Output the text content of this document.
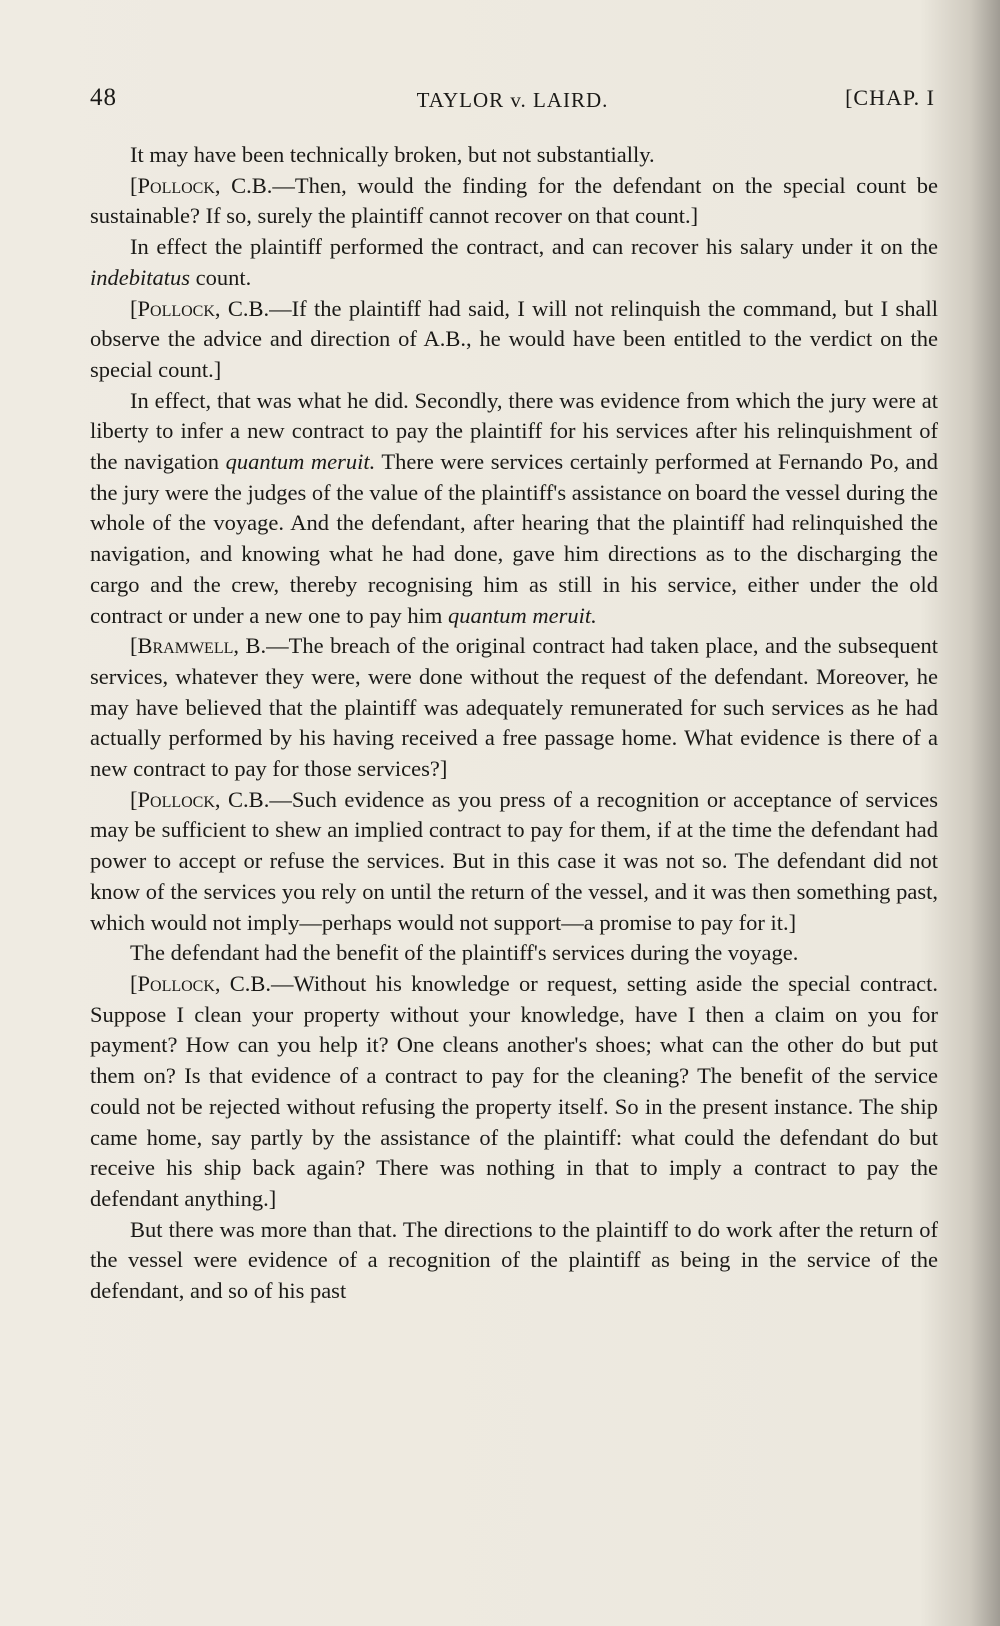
48	TAYLOR v. LAIRD.	[CHAP. I

It may have been technically broken, but not substantially.

[Pollock, C.B.—Then, would the finding for the defendant on the special count be sustainable? If so, surely the plaintiff cannot recover on that count.]

In effect the plaintiff performed the contract, and can recover his salary under it on the indebitatus count.

[Pollock, C.B.—If the plaintiff had said, I will not relinquish the command, but I shall observe the advice and direction of A.B., he would have been entitled to the verdict on the special count.]

In effect, that was what he did. Secondly, there was evidence from which the jury were at liberty to infer a new contract to pay the plaintiff for his services after his relinquishment of the navigation quantum meruit. There were services certainly performed at Fernando Po, and the jury were the judges of the value of the plaintiff's assistance on board the vessel during the whole of the voyage. And the defendant, after hearing that the plaintiff had relinquished the navigation, and knowing what he had done, gave him directions as to the discharging the cargo and the crew, thereby recognising him as still in his service, either under the old contract or under a new one to pay him quantum meruit.

[Bramwell, B.—The breach of the original contract had taken place, and the subsequent services, whatever they were, were done without the request of the defendant. Moreover, he may have believed that the plaintiff was adequately remunerated for such services as he had actually performed by his having received a free passage home. What evidence is there of a new contract to pay for those services?]

[Pollock, C.B.—Such evidence as you press of a recognition or acceptance of services may be sufficient to shew an implied contract to pay for them, if at the time the defendant had power to accept or refuse the services. But in this case it was not so. The defendant did not know of the services you rely on until the return of the vessel, and it was then something past, which would not imply—perhaps would not support—a promise to pay for it.]

The defendant had the benefit of the plaintiff's services during the voyage.

[Pollock, C.B.—Without his knowledge or request, setting aside the special contract. Suppose I clean your property without your knowledge, have I then a claim on you for payment? How can you help it? One cleans another's shoes; what can the other do but put them on? Is that evidence of a contract to pay for the cleaning? The benefit of the service could not be rejected without refusing the property itself. So in the present instance. The ship came home, say partly by the assistance of the plaintiff: what could the defendant do but receive his ship back again? There was nothing in that to imply a contract to pay the defendant anything.]

But there was more than that. The directions to the plaintiff to do work after the return of the vessel were evidence of a recognition of the plaintiff as being in the service of the defendant, and so of his past
